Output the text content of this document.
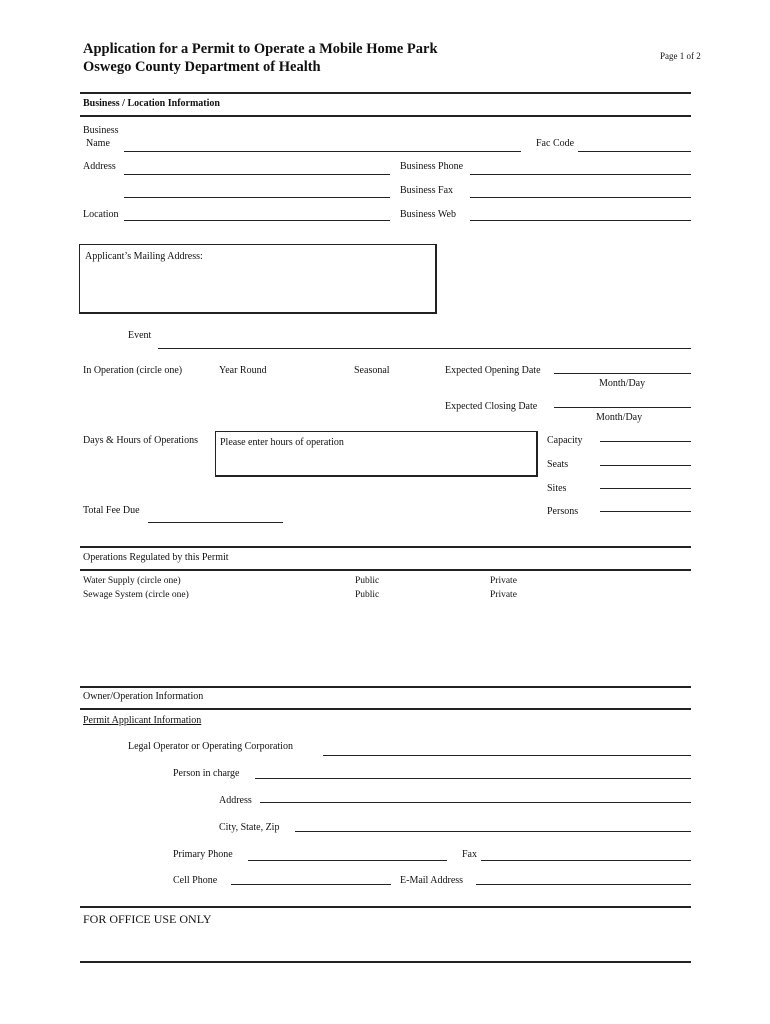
Application for a Permit to Operate a Mobile Home Park
Oswego County Department of Health
Page 1 of 2
Business / Location Information
Business
Name	Fac Code
Address	Business Phone
Business Fax
Location	Business Web
Applicant’s Mailing Address:
Event
In Operation (circle one)	Year Round	Seasonal	Expected Opening Date
Month/Day
Expected Closing Date
Month/Day
Days & Hours of Operations Please enter hours of operation	Capacity
Seats
Sites
Persons
Total Fee Due
Operations Regulated by this Permit
Water Supply (circle one)	Public	Private
Sewage System (circle one)	Public	Private
Owner/Operation Information
Permit Applicant Information
Legal Operator or Operating Corporation
Person in charge
Address
City, State, Zip
Primary Phone	Fax
Cell Phone	E-Mail Address
FOR OFFICE USE ONLY
